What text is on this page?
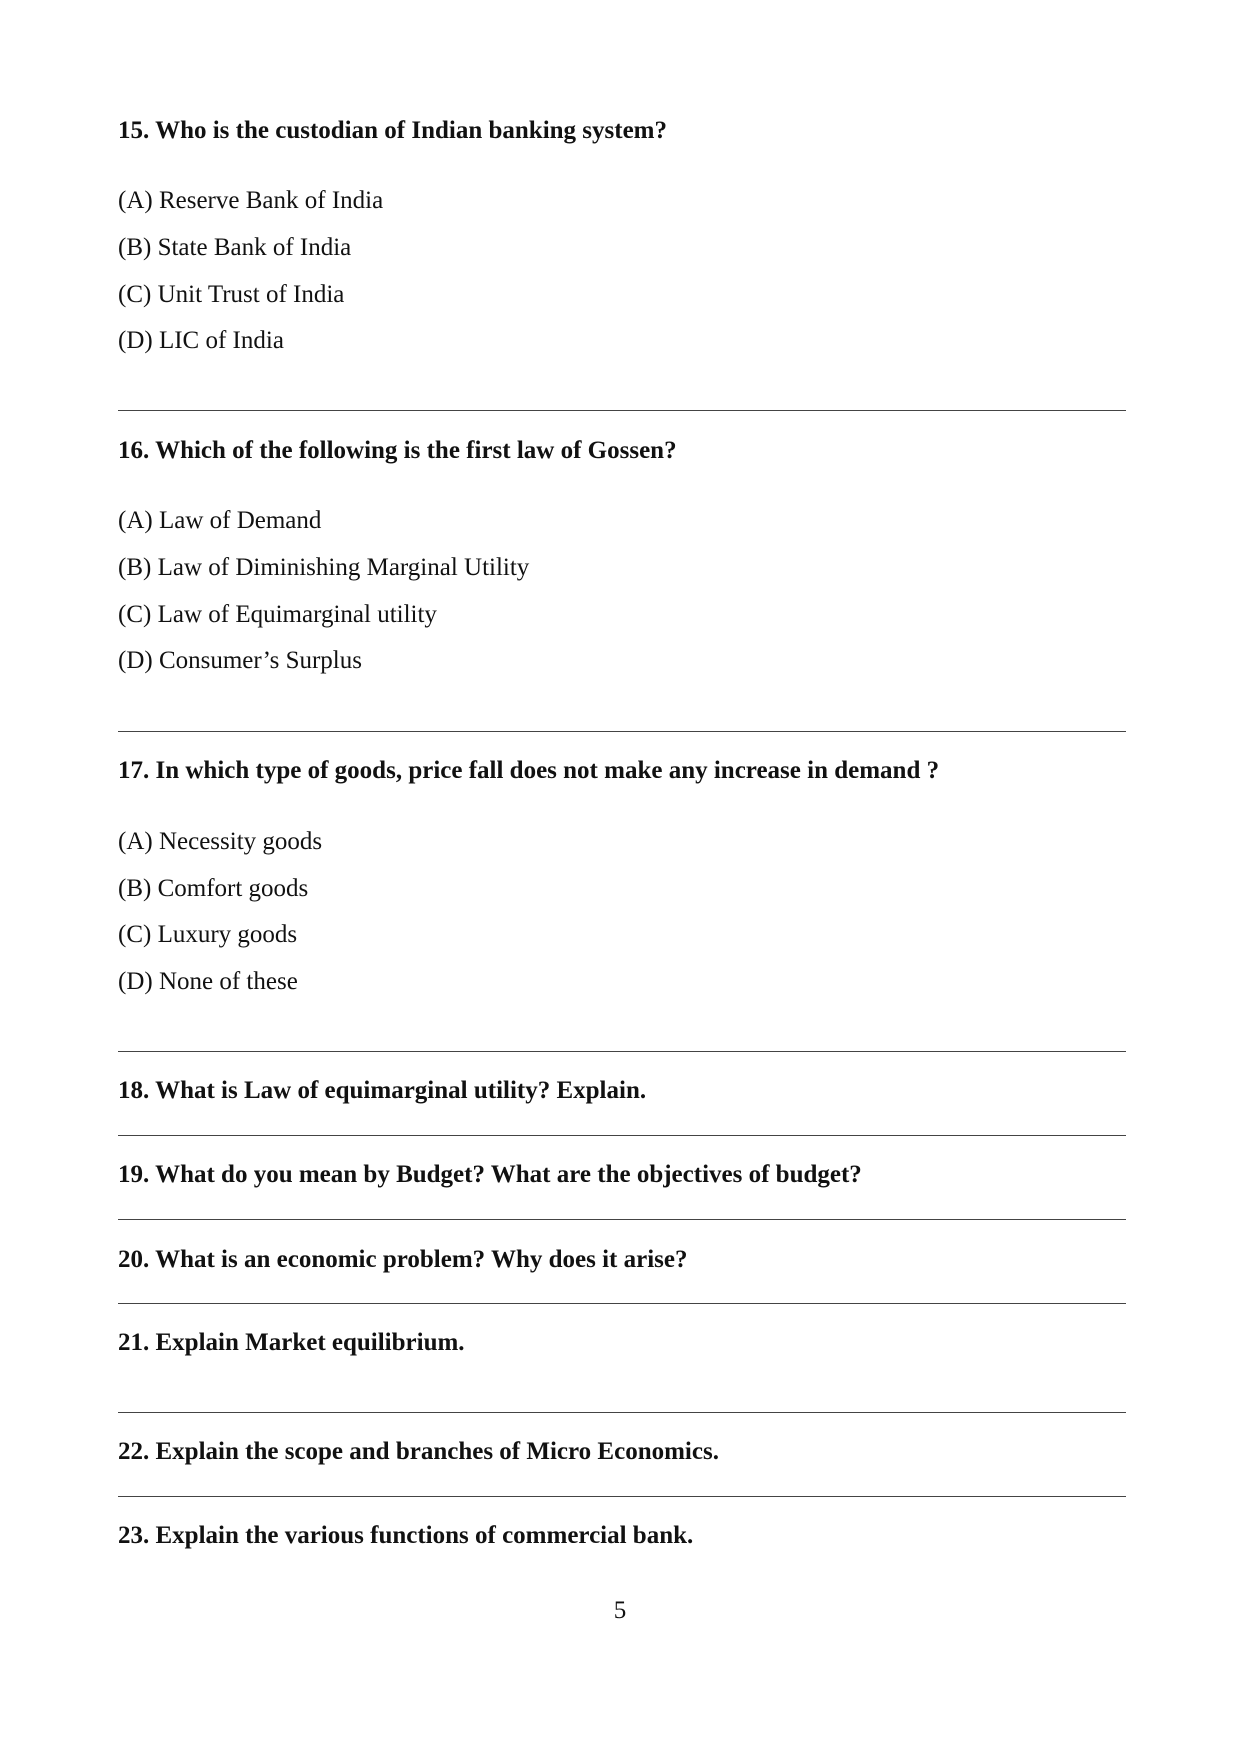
15. Who is the custodian of Indian banking system?
(A) Reserve Bank of India
(B) State Bank of India
(C) Unit Trust of India
(D) LIC of India
16. Which of the following is the first law of Gossen?
(A) Law of Demand
(B) Law of Diminishing Marginal Utility
(C) Law of Equimarginal utility
(D) Consumer’s Surplus
17. In which type of goods, price fall does not make any increase in demand ?
(A) Necessity goods
(B) Comfort goods
(C) Luxury goods
(D) None of these
18. What is Law of equimarginal utility? Explain.
19. What do you mean by Budget? What are the objectives of budget?
20. What is an economic problem? Why does it arise?
21. Explain Market equilibrium.
22. Explain the scope and branches of Micro Economics.
23. Explain the various functions of commercial bank.
5
